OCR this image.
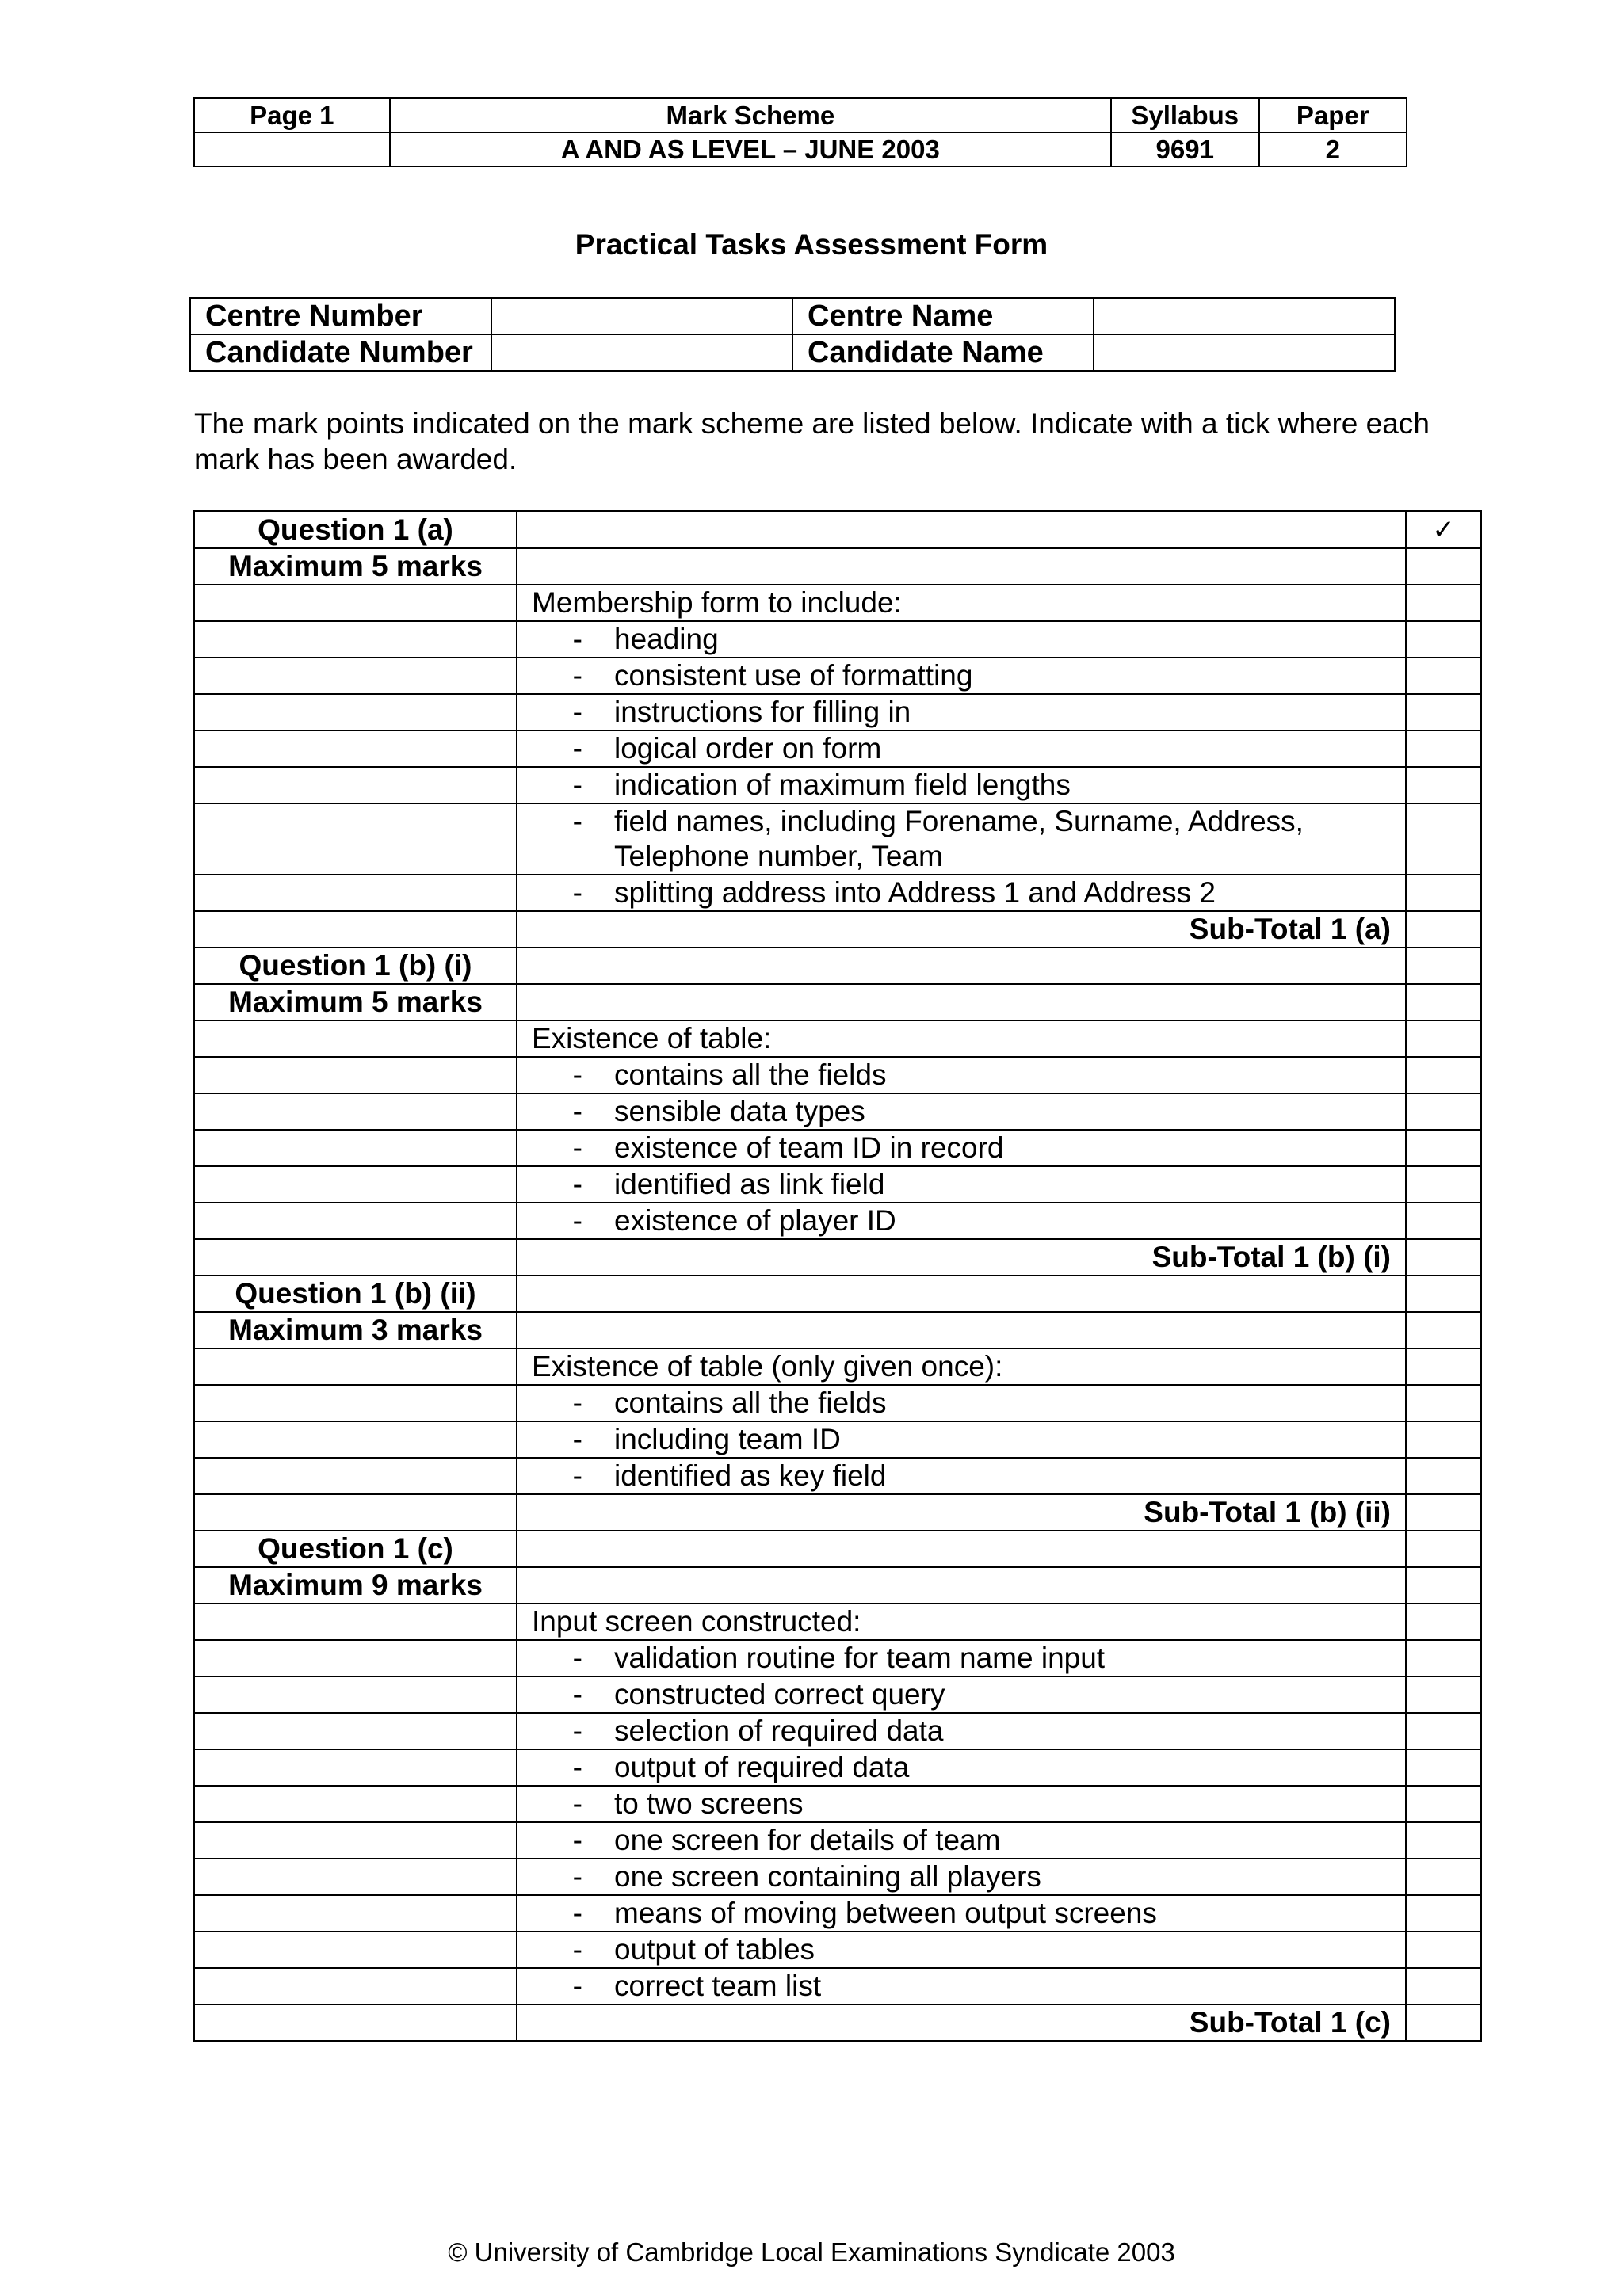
Page 1	Mark Scheme	Syllabus	Paper
	A AND AS LEVEL – JUNE 2003	9691	2
Practical Tasks Assessment Form
Centre Number		Centre Name	
Candidate Number		Candidate Name	
The mark points indicated on the mark scheme are listed below. Indicate with a tick where each mark has been awarded.
Question 1 (a)		✓
Maximum 5 marks		

	Membership form to include:	

	- heading	

	- consistent use of formatting	

	- instructions for filling in	

	- logical order on form	

	- indication of maximum field lengths	

	- field names, including Forename, Surname, Address, Telephone number, Team	

	- splitting address into Address 1 and Address 2	

	Sub-Total 1 (a)	

Question 1 (b) (i)		
Maximum 5 marks		

	Existence of table:	

	- contains all the fields	

	- sensible data types	

	- existence of team ID in record	

	- identified as link field	

	- existence of player ID	

	Sub-Total 1 (b) (i)	

Question 1 (b) (ii)		
Maximum 3 marks		

	Existence of table (only given once):	

	- contains all the fields	

	- including team ID	

	- identified as key field	

	Sub-Total 1 (b) (ii)	

Question 1 (c)		
Maximum 9 marks		

	Input screen constructed:	

	- validation routine for team name input	

	- constructed correct query	

	- selection of required data	

	- output of required data	

	- to two screens	

	- one screen for details of team	

	- one screen containing all players	

	- means of moving between output screens	

	- output of tables	

	- correct team list	

	Sub-Total 1 (c)	

© University of Cambridge Local Examinations Syndicate 2003
